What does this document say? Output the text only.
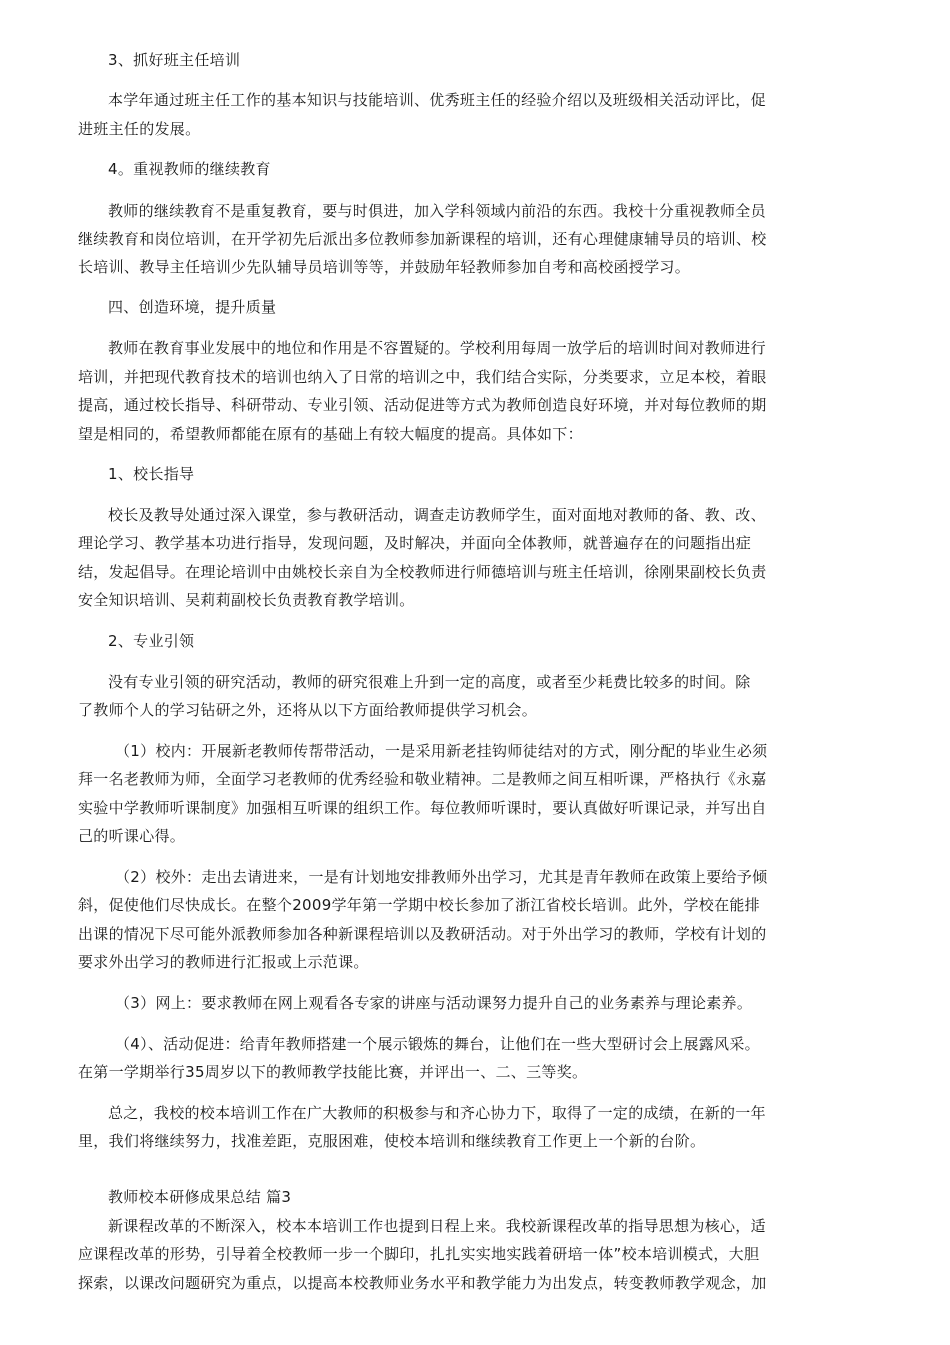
3、抓好班主任培训
本学年通过班主任工作的基本知识与技能培训、优秀班主任的经验介绍以及班级相关活动评比，促
进班主任的发展。
4。重视教师的继续教育
教师的继续教育不是重复教育，要与时俱进，加入学科领域内前沿的东西。我校十分重视教师全员
继续教育和岗位培训，在开学初先后派出多位教师参加新课程的培训，还有心理健康辅导员的培训、校
长培训、教导主任培训少先队辅导员培训等等，并鼓励年轻教师参加自考和高校函授学习。
四、创造环境，提升质量
教师在教育事业发展中的地位和作用是不容置疑的。学校利用每周一放学后的培训时间对教师进行
培训，并把现代教育技术的培训也纳入了日常的培训之中，我们结合实际，分类要求，立足本校，着眼
提高，通过校长指导、科研带动、专业引领、活动促进等方式为教师创造良好环境，并对每位教师的期
望是相同的，希望教师都能在原有的基础上有较大幅度的提高。具体如下：
1、校长指导
校长及教导处通过深入课堂，参与教研活动，调查走访教师学生，面对面地对教师的备、教、改、
理论学习、教学基本功进行指导，发现问题，及时解决，并面向全体教师，就普遍存在的问题指出症
结，发起倡导。在理论培训中由姚校长亲自为全校教师进行师德培训与班主任培训，徐刚果副校长负责
安全知识培训、吴莉莉副校长负责教育教学培训。
2、专业引领
没有专业引领的研究活动，教师的研究很难上升到一定的高度，或者至少耗费比较多的时间。除
了教师个人的学习钻研之外，还将从以下方面给教师提供学习机会。
（1）校内：开展新老教师传帮带活动，一是采用新老挂钩师徒结对的方式，刚分配的毕业生必须
拜一名老教师为师，全面学习老教师的优秀经验和敬业精神。二是教师之间互相听课，严格执行《永嘉
实验中学教师听课制度》加强相互听课的组织工作。每位教师听课时，要认真做好听课记录，并写出自
己的听课心得。
（2）校外：走出去请进来，一是有计划地安排教师外出学习，尤其是青年教师在政策上要给予倾
斜，促使他们尽快成长。在整个2009学年第一学期中校长参加了浙江省校长培训。此外，学校在能排
出课的情况下尽可能外派教师参加各种新课程培训以及教研活动。对于外出学习的教师，学校有计划的
要求外出学习的教师进行汇报或上示范课。
（3）网上：要求教师在网上观看各专家的讲座与活动课努力提升自己的业务素养与理论素养。
（4）、活动促进：给青年教师搭建一个展示锻炼的舞台，让他们在一些大型研讨会上展露风采。
在第一学期举行35周岁以下的教师教学技能比赛，并评出一、二、三等奖。
总之，我校的校本培训工作在广大教师的积极参与和齐心协力下，取得了一定的成绩，在新的一年
里，我们将继续努力，找准差距，克服困难，使校本培训和继续教育工作更上一个新的台阶。
教师校本研修成果总结 篇3
新课程改革的不断深入，校本本培训工作也提到日程上来。我校新课程改革的指导思想为核心，适
应课程改革的形势，引导着全校教师一步一个脚印，扎扎实实地实践着研培一体”校本培训模式，大胆
探索，以课改问题研究为重点，以提高本校教师业务水平和教学能力为出发点，转变教师教学观念，加
